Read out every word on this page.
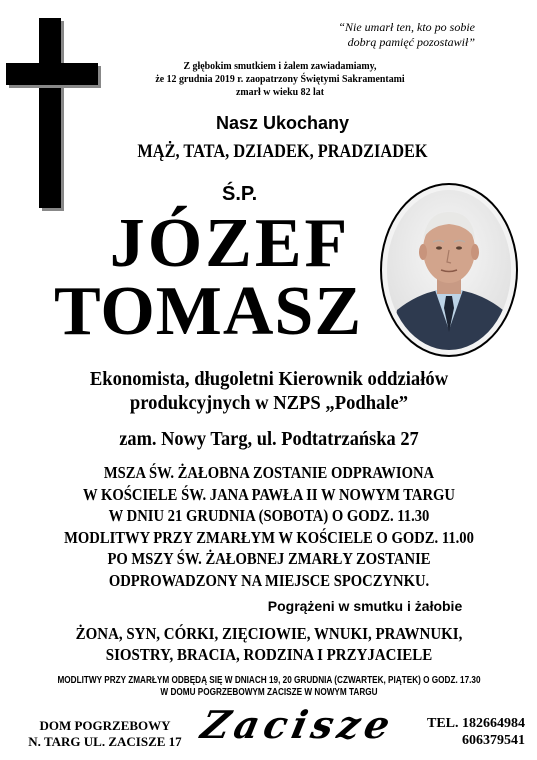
“Nie umarł ten, kto po sobie
dobrą pamięć pozostawił”
Z głębokim smutkiem i żalem zawiadamiamy,
że 12 grudnia 2019 r. zaopatrzony Świętymi Sakramentami
zmarł w wieku 82 lat
Nasz Ukochany
MĄŻ, TATA, DZIADEK, PRADZIADEK
Ś.P.
JÓZEF
TOMASZ
Ekonomista, długoletni Kierownik oddziałów
produkcyjnych w NZPS „Podhale”
zam. Nowy Targ, ul. Podtatrzańska 27
MSZA ŚW. ŻAŁOBNA ZOSTANIE ODPRAWIONA
W KOŚCIELE ŚW. JANA PAWŁA II W NOWYM TARGU
W DNIU 21 GRUDNIA (SOBOTA) O GODZ. 11.30
MODLITWY PRZY ZMARŁYM W KOŚCIELE O GODZ. 11.00
PO MSZY ŚW. ŻAŁOBNEJ ZMARŁY ZOSTANIE
ODPROWADZONY NA MIEJSCE SPOCZYNKU.
Pogrążeni w smutku i żałobie
ŻONA, SYN, CÓRKI, ZIĘCIOWIE, WNUKI, PRAWNUKI,
SIOSTRY, BRACIA, RODZINA I PRZYJACIELE
MODLITWY PRZY ZMARŁYM ODBĘDĄ SIĘ W DNIACH 19, 20 GRUDNIA (CZWARTEK, PIĄTEK) O GODZ. 17.30
W DOMU POGRZEBOWYM ZACISZE W NOWYM TARGU
DOM POGRZEBOWY
N. TARG UL. ZACISZE 17 Zacisze	TEL. 182664984
606379541
